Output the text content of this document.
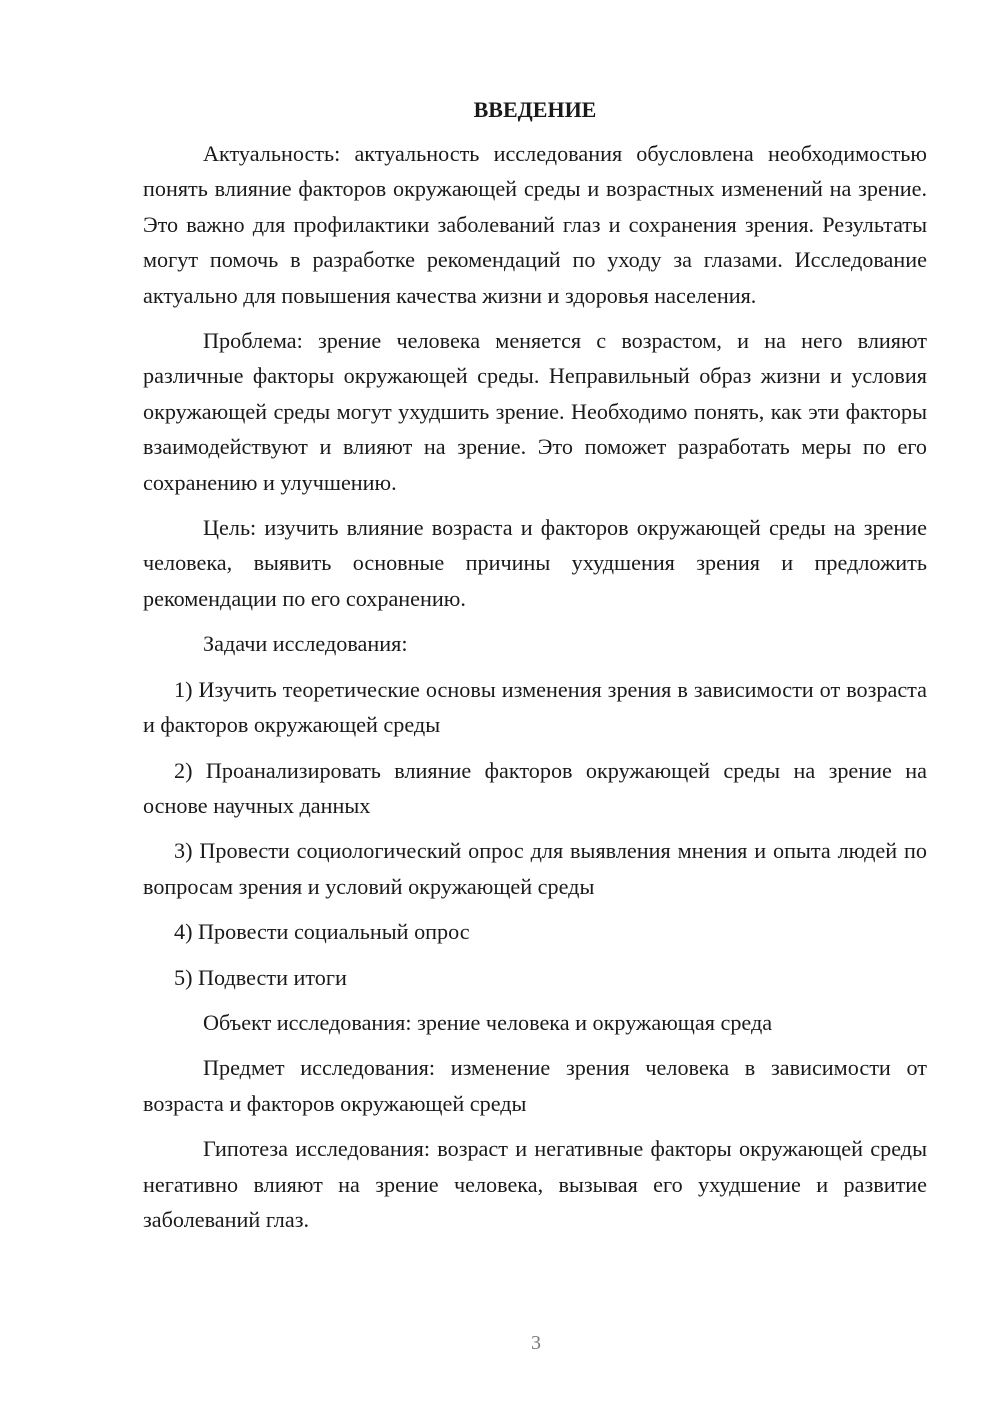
ВВЕДЕНИЕ

Актуальность: актуальность исследования обусловлена необходимостью понять влияние факторов окружающей среды и возрастных изменений на зрение. Это важно для профилактики заболеваний глаз и сохранения зрения. Результаты могут помочь в разработке рекомендаций по уходу за глазами. Исследование актуально для повышения качества жизни и здоровья населения.

Проблема: зрение человека меняется с возрастом, и на него влияют различные факторы окружающей среды. Неправильный образ жизни и условия окружающей среды могут ухудшить зрение. Необходимо понять, как эти факторы взаимодействуют и влияют на зрение. Это поможет разработать меры по его сохранению и улучшению.

Цель: изучить влияние возраста и факторов окружающей среды на зрение человека, выявить основные причины ухудшения зрения и предложить рекомендации по его сохранению.

Задачи исследования:

1) Изучить теоретические основы изменения зрения в зависимости от возраста и факторов окружающей среды

2) Проанализировать влияние факторов окружающей среды на зрение на основе научных данных

3) Провести социологический опрос для выявления мнения и опыта людей по вопросам зрения и условий окружающей среды

4) Провести социальный опрос

5) Подвести итоги

Объект исследования: зрение человека и окружающая среда

Предмет исследования: изменение зрения человека в зависимости от возраста и факторов окружающей среды

Гипотеза исследования: возраст и негативные факторы окружающей среды негативно влияют на зрение человека, вызывая его ухудшение и развитие заболеваний глаз.

3
